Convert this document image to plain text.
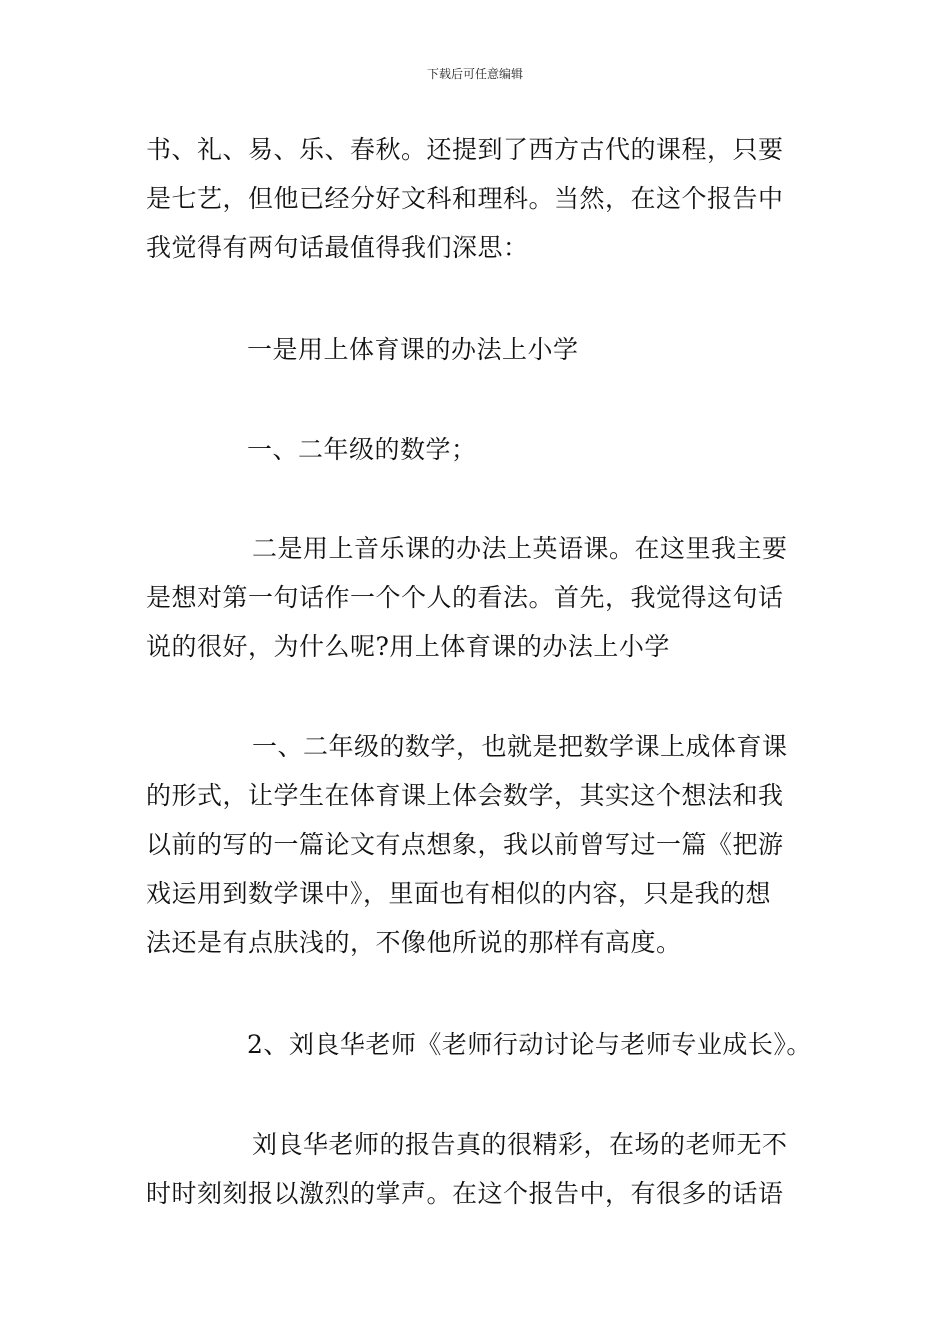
下载后可任意编辑
书、礼、易、乐、春秋。还提到了西方古代的课程，只要
是七艺，但他已经分好文科和理科。当然，在这个报告中
我觉得有两句话最值得我们深思：
一是用上体育课的办法上小学
一、二年级的数学；
二是用上音乐课的办法上英语课。在这里我主要
是想对第一句话作一个个人的看法。首先，我觉得这句话
说的很好，为什么呢?用上体育课的办法上小学
一、二年级的数学，也就是把数学课上成体育课
的形式，让学生在体育课上体会数学，其实这个想法和我
以前的写的一篇论文有点想象，我以前曾写过一篇《把游
戏运用到数学课中》，里面也有相似的内容，只是我的想
法还是有点肤浅的，不像他所说的那样有高度。
2、刘良华老师《老师行动讨论与老师专业成长》。
刘良华老师的报告真的很精彩，在场的老师无不
时时刻刻报以激烈的掌声。在这个报告中，有很多的话语
